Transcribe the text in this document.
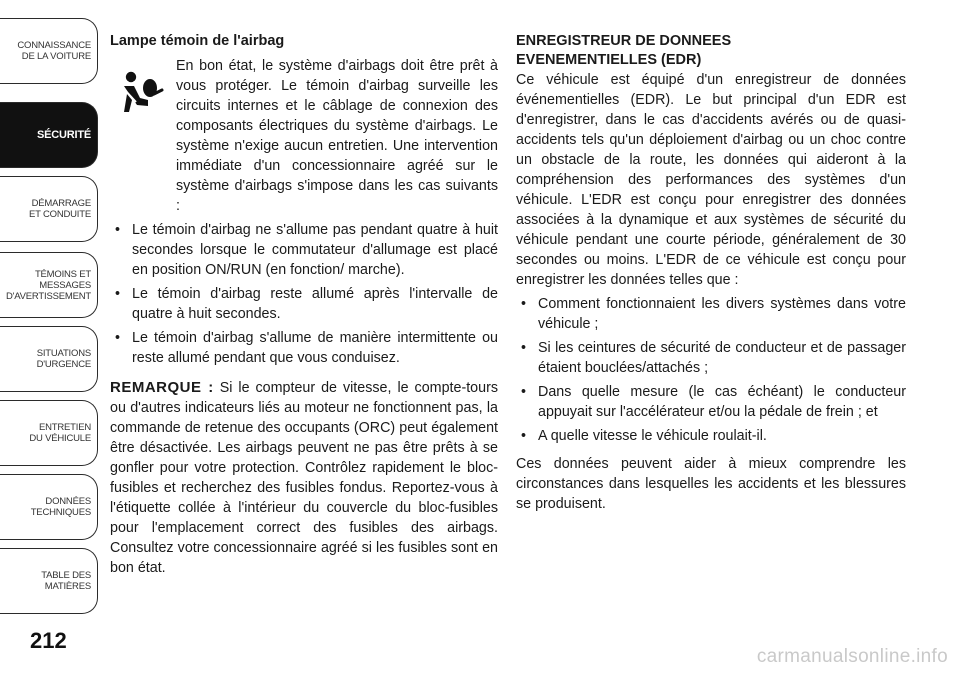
CONNAISSANCE
DE LA VOITURE
SÉCURITÉ
DÉMARRAGE
ET CONDUITE
TÉMOINS ET
MESSAGES
D'AVERTISSEMENT
SITUATIONS
D'URGENCE
ENTRETIEN
DU VÉHICULE
DONNÉES
TECHNIQUES
TABLE DES
MATIÈRES
212
Lampe témoin de l'airbag

En bon état, le système d'airbags doit être prêt à vous protéger. Le témoin d'airbag surveille les circuits internes et le câblage de connexion des composants électriques du système d'airbags. Le système n'exige aucun entretien. Une intervention immédiate d'un concessionnaire agréé sur le système d'airbags s'impose dans les cas suivants :

• Le témoin d'airbag ne s'allume pas pendant quatre à huit secondes lorsque le commutateur d'allumage est placé en position ON/RUN (en fonction/ marche).
• Le témoin d'airbag reste allumé après l'intervalle de quatre à huit secondes.
• Le témoin d'airbag s'allume de manière intermittente ou reste allumé pendant que vous conduisez.

REMARQUE : Si le compteur de vitesse, le compte-tours ou d'autres indicateurs liés au moteur ne fonctionnent pas, la commande de retenue des occupants (ORC) peut également être désactivée. Les airbags peuvent ne pas être prêts à se gonfler pour votre protection. Contrôlez rapidement le bloc-fusibles et recherchez des fusibles fondus. Reportez-vous à l'étiquette collée à l'intérieur du couvercle du bloc-fusibles pour l'emplacement correct des fusibles des airbags. Consultez votre concessionnaire agréé si les fusibles sont en bon état.

ENREGISTREUR DE DONNEES
EVENEMENTIELLES (EDR)

Ce véhicule est équipé d'un enregistreur de données événementielles (EDR). Le but principal d'un EDR est d'enregistrer, dans le cas d'accidents avérés ou de quasi-accidents tels qu'un déploiement d'airbag ou un choc contre un obstacle de la route, les données qui aideront à la compréhension des performances des systèmes d'un véhicule. L'EDR est conçu pour enregistrer des données associées à la dynamique et aux systèmes de sécurité du véhicule pendant une courte période, généralement de 30 secondes ou moins. L'EDR de ce véhicule est conçu pour enregistrer les données telles que :

• Comment fonctionnaient les divers systèmes dans votre véhicule ;
• Si les ceintures de sécurité de conducteur et de passager étaient bouclées/attachés ;
• Dans quelle mesure (le cas échéant) le conducteur appuyait sur l'accélérateur et/ou la pédale de frein ; et
• A quelle vitesse le véhicule roulait-il.

Ces données peuvent aider à mieux comprendre les circonstances dans lesquelles les accidents et les blessures se produisent.

carmanualsonline.info
